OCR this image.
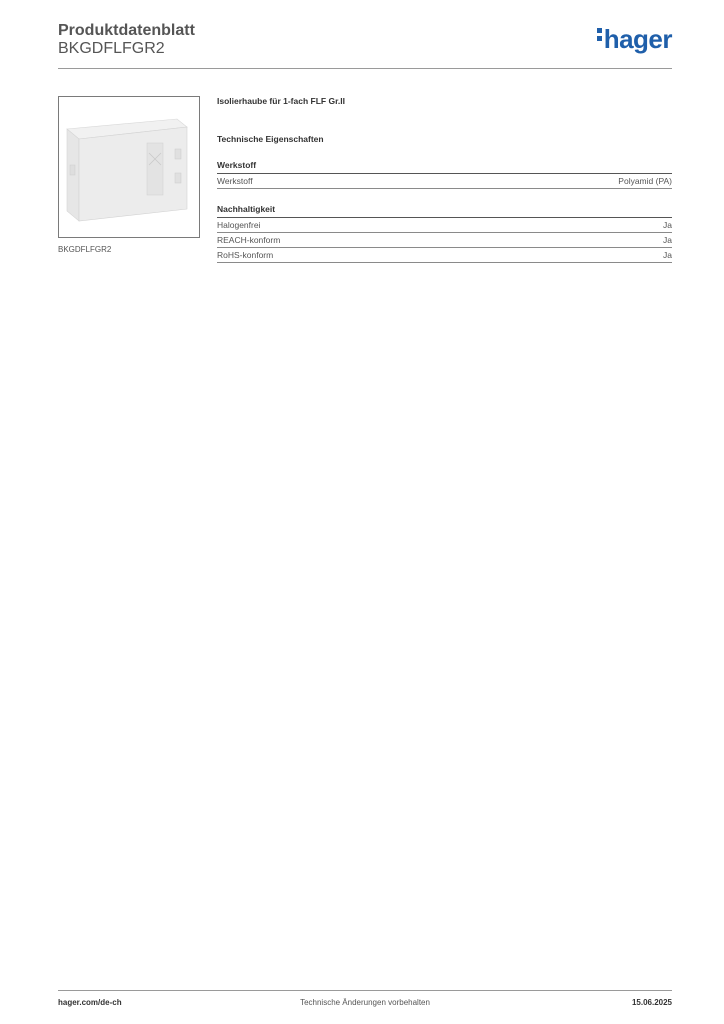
Produktdatenblatt
BKGDFLFGR2	hager
BKGDFLFGR2
Isolierhaube für 1-fach FLF Gr.II
Technische Eigenschaften
Werkstoff
Werkstoff	Polyamid (PA)
Nachhaltigkeit
Halogenfrei	Ja
REACH-konform	Ja
RoHS-konform	Ja
hager.com/de-ch	Technische Änderungen vorbehalten	15.06.2025
